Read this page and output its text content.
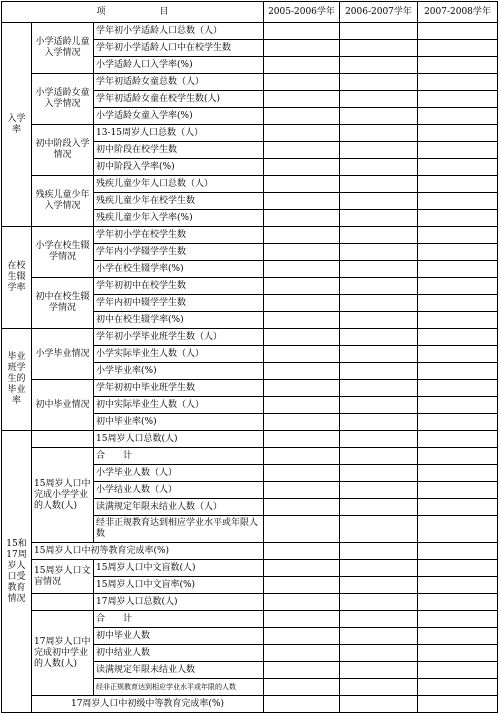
项　　　　　　目			2005-2006学年	2006-2007学年	2007-2008学年
入学率	小学适龄儿童入学情况	学年初小学适龄人口总数（人）			
		学年初小学适龄人口中在校学生数			
		小学适龄人口入学率(%)			
	小学适龄女童入学情况	学年初适龄女童总数（人）			
		学年初适龄女童在校学生数(人)			
		小学适龄女童入学率(%)			
	初中阶段入学情况	13-15周岁人口总数（人）			
		初中阶段在校学生数			
		初中阶段入学率(%)			
	残疾儿童少年入学情况	残疾儿童少年人口总数（人）			
		残疾儿童少年在校学生数			
		残疾儿童少年入学率(%)			
在校生辍学率	小学在校生辍学情况	学年初小学在校学生数			
		学年内小学辍学学生数			
		小学在校生辍学率(%)			
	初中在校生辍学情况	学年初初中在校学生数			
		学年内初中辍学学生数			
		初中在校生辍学率(%)			
毕业班学生的毕业率	小学毕业情况	学年初小学毕业班学生数（人）			
		小学实际毕业生人数（人）			
		小学毕业率(%)			
	初中毕业情况	学年初初中毕业班学生数			
		初中实际毕业生人数（人）			
		初中毕业率(%)			
15和17周岁人口受教育情况		15周岁人口总数(人)			
	15周岁人口中完成小学学业的人数(人)	合　　计			
		小学毕业人数（人）			
		小学结业人数（人）			
		读满规定年限未结业人数（人）			
		经非正规教育达到相应学业水平或年限人数			
	15周岁人口中初等教育完成率(%)				
	15周岁人口文盲情况	15周岁人口中文盲数(人)			
		15周岁人口中文盲率(%)			
		17周岁人口总数(人)			
	17周岁人口中完成初中学业的人数(人)	合　　计			
		初中毕业人数			
		初中结业人数			
		读满规定年限未结业人数			
		经非正规教育达到相应学业水平或年限的人数			
	17周岁人口中初级中等教育完成率(%)				
